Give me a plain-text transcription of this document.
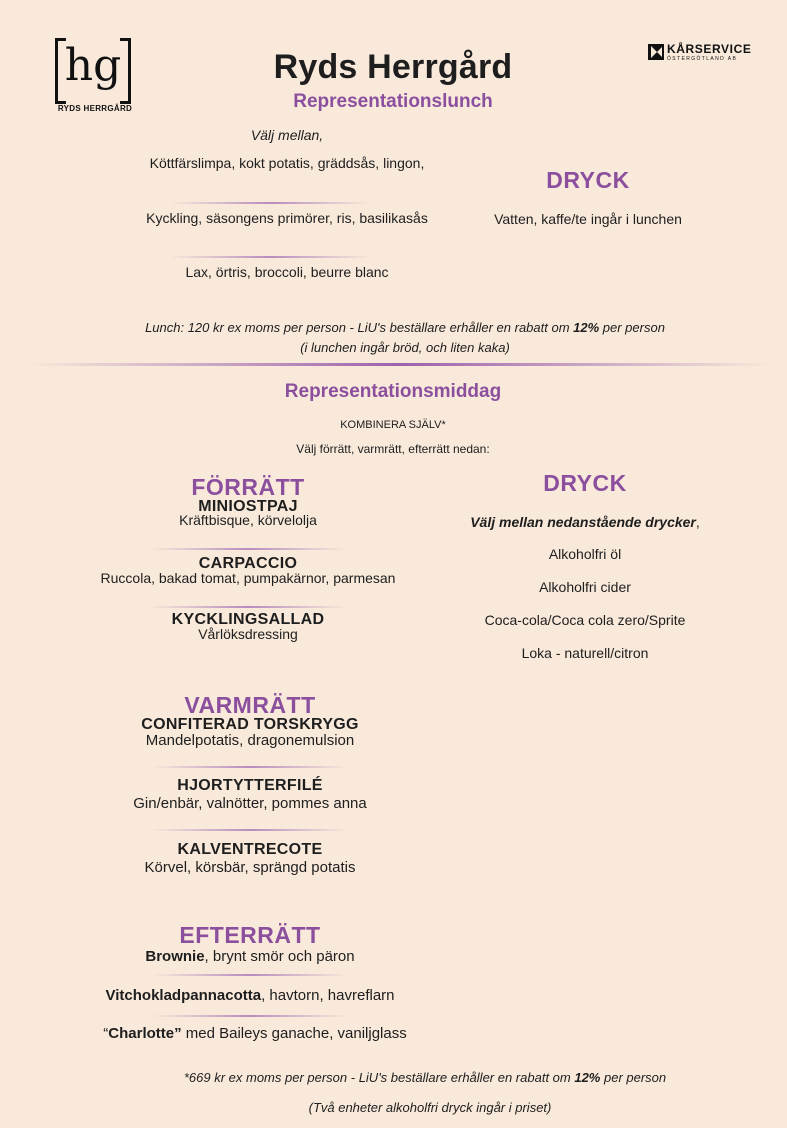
hg
RYDS HERRGÅRD
KÅRSERVICE
ÖSTERGÖTLAND AB
Ryds Herrgård
Representationslunch
Välj mellan,
Köttfärslimpa, kokt potatis, gräddsås, lingon,
Kyckling, säsongens primörer, ris, basilikasås
Lax, örtris, broccoli, beurre blanc
DRYCK
Vatten, kaffe/te ingår i lunchen
Lunch: 120 kr ex moms per person - LiU's beställare erhåller en rabatt om 12% per person
(i lunchen ingår bröd, och liten kaka)
Representationsmiddag
KOMBINERA SJÄLV*
Välj förrätt, varmrätt, efterrätt nedan:
FÖRRÄTT
MINIOSTPAJ
Kräftbisque, körvelolja
CARPACCIO
Ruccola, bakad tomat, pumpakärnor, parmesan
KYCKLINGSALLAD
Vårlöksdressing
DRYCK
Välj mellan nedanstående drycker,
Alkoholfri öl
Alkoholfri cider
Coca-cola/Coca cola zero/Sprite
Loka - naturell/citron
VARMRÄTT
CONFITERAD TORSKRYGG
Mandelpotatis, dragonemulsion
HJORTYTTERFILÉ
Gin/enbär, valnötter, pommes anna
KALVENTRECOTE
Körvel, körsbär, sprängd potatis
EFTERRÄTT
Brownie, brynt smör och päron
Vitchokladpannacotta, havtorn, havreflarn
“Charlotte” med Baileys ganache, vaniljglass
*669 kr ex moms per person - LiU's beställare erhåller en rabatt om 12% per person
(Två enheter alkoholfri dryck ingår i priset)
